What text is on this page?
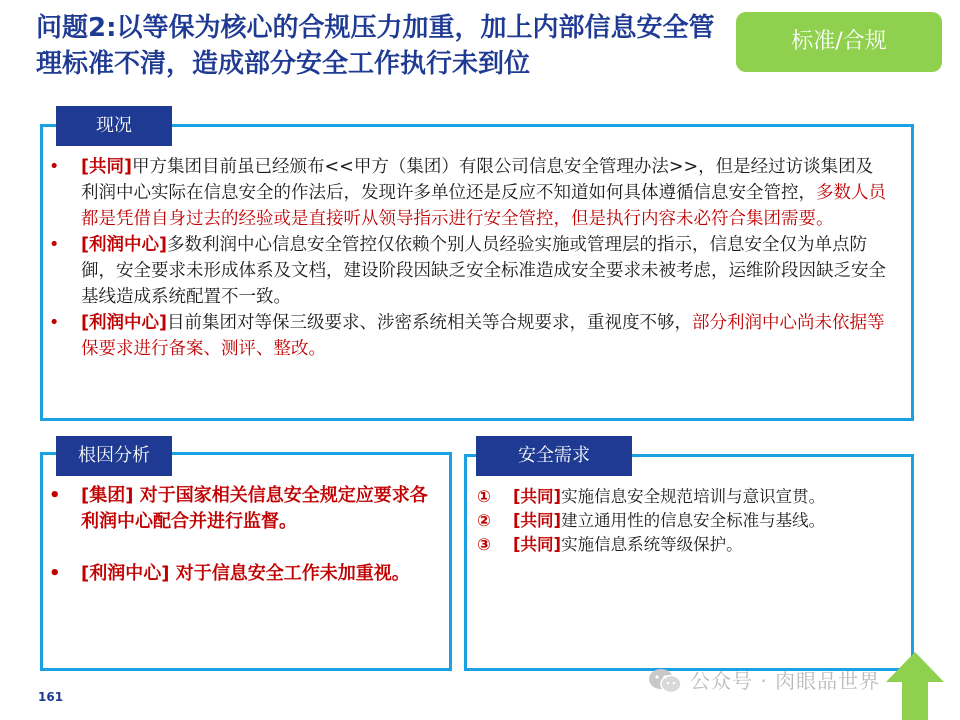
问题2:以等保为核心的合规压力加重，加上内部信息安全管理标准不清，造成部分安全工作执行未到位
标准/合规
• [共同]甲方集团目前虽已经颁布<<甲方（集团）有限公司信息安全管理办法>>，但是经过访谈集团及利润中心实际在信息安全的作法后，发现许多单位还是反应不知道如何具体遵循信息安全管控，多数人员都是凭借自身过去的经验或是直接听从领导指示进行安全管控，但是执行内容未必符合集团需要。
• [利润中心]多数利润中心信息安全管控仅依赖个别人员经验实施或管理层的指示，信息安全仅为单点防御，安全要求未形成体系及文档，建设阶段因缺乏安全标准造成安全要求未被考虑，运维阶段因缺乏安全基线造成系统配置不一致。
• [利润中心]目前集团对等保三级要求、涉密系统相关等合规要求，重视度不够，部分利润中心尚未依据等保要求进行备案、测评、整改。
现况
• [集团] 对于国家相关信息安全规定应要求各利润中心配合并进行监督。
• [利润中心] 对于信息安全工作未加重视。
根因分析
① [共同]实施信息安全规范培训与意识宣贯。
② [共同]建立通用性的信息安全标准与基线。
③ [共同]实施信息系统等级保护。
安全需求
161
公众号 · 肉眼品世界
